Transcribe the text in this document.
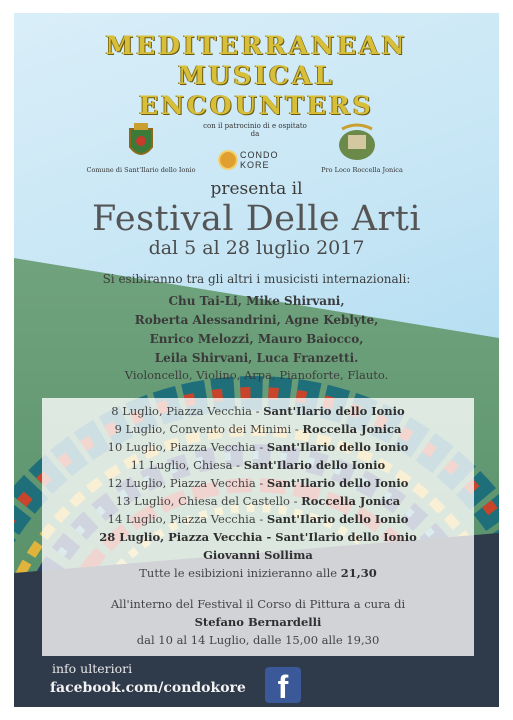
MEDITERRANEAN
MUSICAL
ENCOUNTERS
Comune di Sant'Ilario dello Ionio
con il patrocinio di e ospitato da
CONDO KORE	Pro Loco Roccella Jonica
presenta il
Festival Delle Arti
dal 5 al 28 luglio 2017
Si esibiranno tra gli altri i musicisti internazionali:
Chu Tai-Li, Mike Shirvani,
Roberta Alessandrini, Agne Keblyte,
Enrico Melozzi, Mauro Baiocco,
Leila Shirvani, Luca Franzetti.
Violoncello, Violino, Arpa, Pianoforte, Flauto.
8 Luglio, Piazza Vecchia - Sant'Ilario dello Ionio
9 Luglio, Convento dei Minimi - Roccella Jonica
10 Luglio, Piazza Vecchia - Sant'Ilario dello Ionio
11 Luglio, Chiesa - Sant'Ilario dello Ionio
12 Luglio, Piazza Vecchia - Sant'Ilario dello Ionio
13 Luglio, Chiesa del Castello - Roccella Jonica
14 Luglio, Piazza Vecchia - Sant'Ilario dello Ionio
28 Luglio, Piazza Vecchia - Sant'Ilario dello Ionio
Giovanni Sollima
Tutte le esibizioni inizieranno alle 21,30
All'interno del Festival il Corso di Pittura a cura di
Stefano Bernardelli
dal 10 al 14 Luglio, dalle 15,00 alle 19,30
info ulteriori
facebook.com/condokore f
